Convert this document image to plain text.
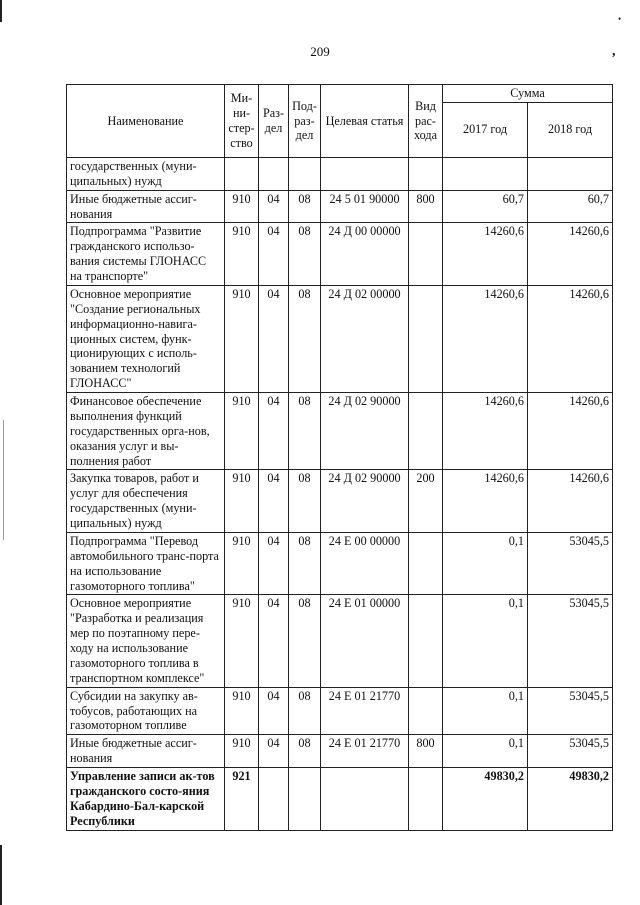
209	,
•
Наименование	Ми-ни-стер-ство	Раз-дел	Под-раз-дел	Целевая статья	Вид рас-хода	Сумма	
						2017 год	2018 год
государственных (муни-ципальных) нужд							
Иные бюджетные ассиг-нования	910	04	08	24 5 01 90000	800	60,7	60,7
Подпрограмма "Развитие гражданского использо-вания системы ГЛОНАСС на транспорте"	910	04	08	24 Д 00 00000		14260,6	14260,6
Основное мероприятие "Создание региональных информационно-навига-ционных систем, функ-ционирующих с исполь-зованием технологий ГЛОНАСС"	910	04	08	24 Д 02 00000		14260,6	14260,6
Финансовое обеспечение выполнения функций государственных орга-нов, оказания услуг и вы-полнения работ	910	04	08	24 Д 02 90000		14260,6	14260,6
Закупка товаров, работ и услуг для обеспечения государственных (муни-ципальных) нужд	910	04	08	24 Д 02 90000	200	14260,6	14260,6
Подпрограмма "Перевод автомобильного транс-порта на использование газомоторного топлива"	910	04	08	24 Е 00 00000		0,1	53045,5
Основное мероприятие "Разработка и реализация мер по поэтапному пере-ходу на использование газомоторного топлива в транспортном комплексе"	910	04	08	24 Е 01 00000		0,1	53045,5
Субсидии на закупку ав-тобусов, работающих на газомоторном топливе	910	04	08	24 Е 01 21770		0,1	53045,5
Иные бюджетные ассиг-нования	910	04	08	24 Е 01 21770	800	0,1	53045,5
Управление записи ак-тов гражданского состо-яния Кабардино-Бал-карской Республики	921					49830,2	49830,2
